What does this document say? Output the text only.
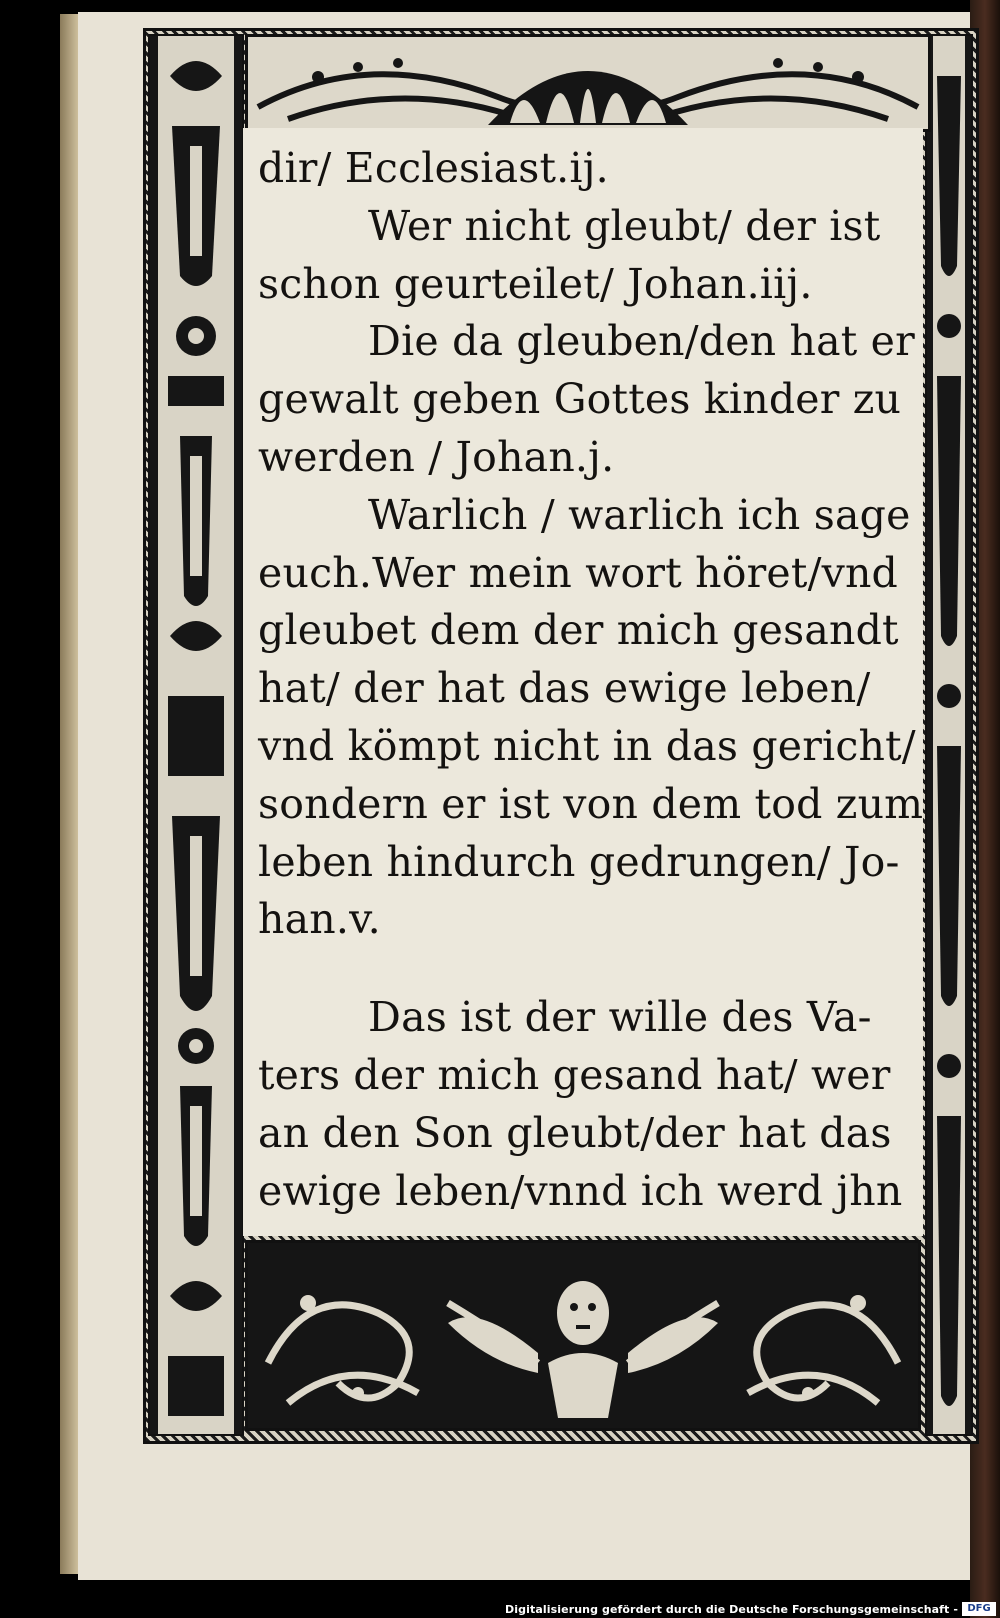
dir/ Ecclesiast.ij.
Wer nicht gleubt/ der ist
schon geurteilet/ Johan.iij.
Die da gleuben/den hat er
gewalt geben Gottes kinder zu
werden / Johan.j.
Warlich / warlich ich sage
euch.Wer mein wort höret/vnd
gleubet dem der mich gesandt
hat/ der hat das ewige leben/
vnd kömpt nicht in das gericht/
sondern er ist von dem tod zum
leben hindurch gedrungen/ Jo-
han.v.
Das ist der wille des Va-
ters der mich gesand hat/ wer
an den Son gleubt/der hat das
ewige leben/vnnd ich werd jhn
Digitalisierung gefördert durch die Deutsche Forschungsgemeinschaft - DFG
